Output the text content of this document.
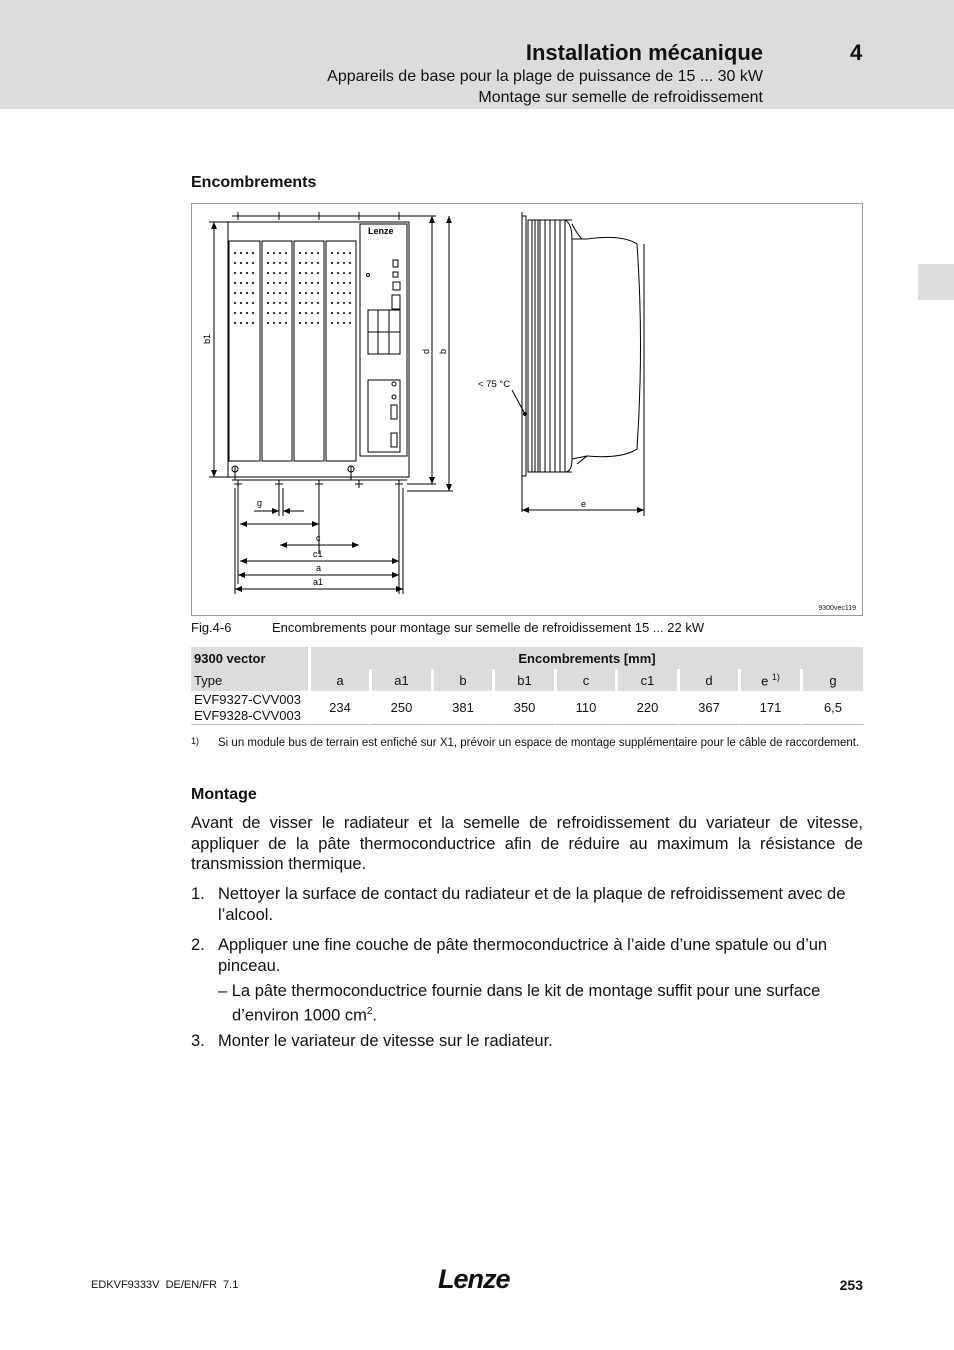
Installation mécanique	4
Appareils de base pour la plage de puissance de 15 ... 30 kW
Montage sur semelle de refroidissement
Encombrements
Lenze
b1
d b
g
c
c1
a
a1
< 75 °C
e
9300vec119
Fig.4-6	Encombrements pour montage sur semelle de refroidissement 15 ... 22 kW
9300 vector	Encombrements [mm]								
Type	a	a1	b	b1	c	c1	d	e $^{1)}$	g
EVF9327-CVV003
EVF9328-CVV003	234	250	381	350	110	220	367	171	6,5
1) Si un module bus de terrain est enfiché sur X1, prévoir un espace de montage supplémentaire pour le câble de raccordement.
Montage
Avant de visser le radiateur et la semelle de refroidissement du variateur de vitesse, appliquer de la pâte thermoconductrice afin de réduire au maximum la résistance de transmission thermique.
1. Nettoyer la surface de contact du radiateur et de la plaque de refroidissement avec de l’alcool.
2. Appliquer une fine couche de pâte thermoconductrice à l’aide d’une spatule ou d’un pinceau.
– La pâte thermoconductrice fournie dans le kit de montage suffit pour une surface d’environ 1000 $cm^2$.
3. Monter le variateur de vitesse sur le radiateur.
EDKVF9333V  DE/EN/FR  7.1	Lenze	253
